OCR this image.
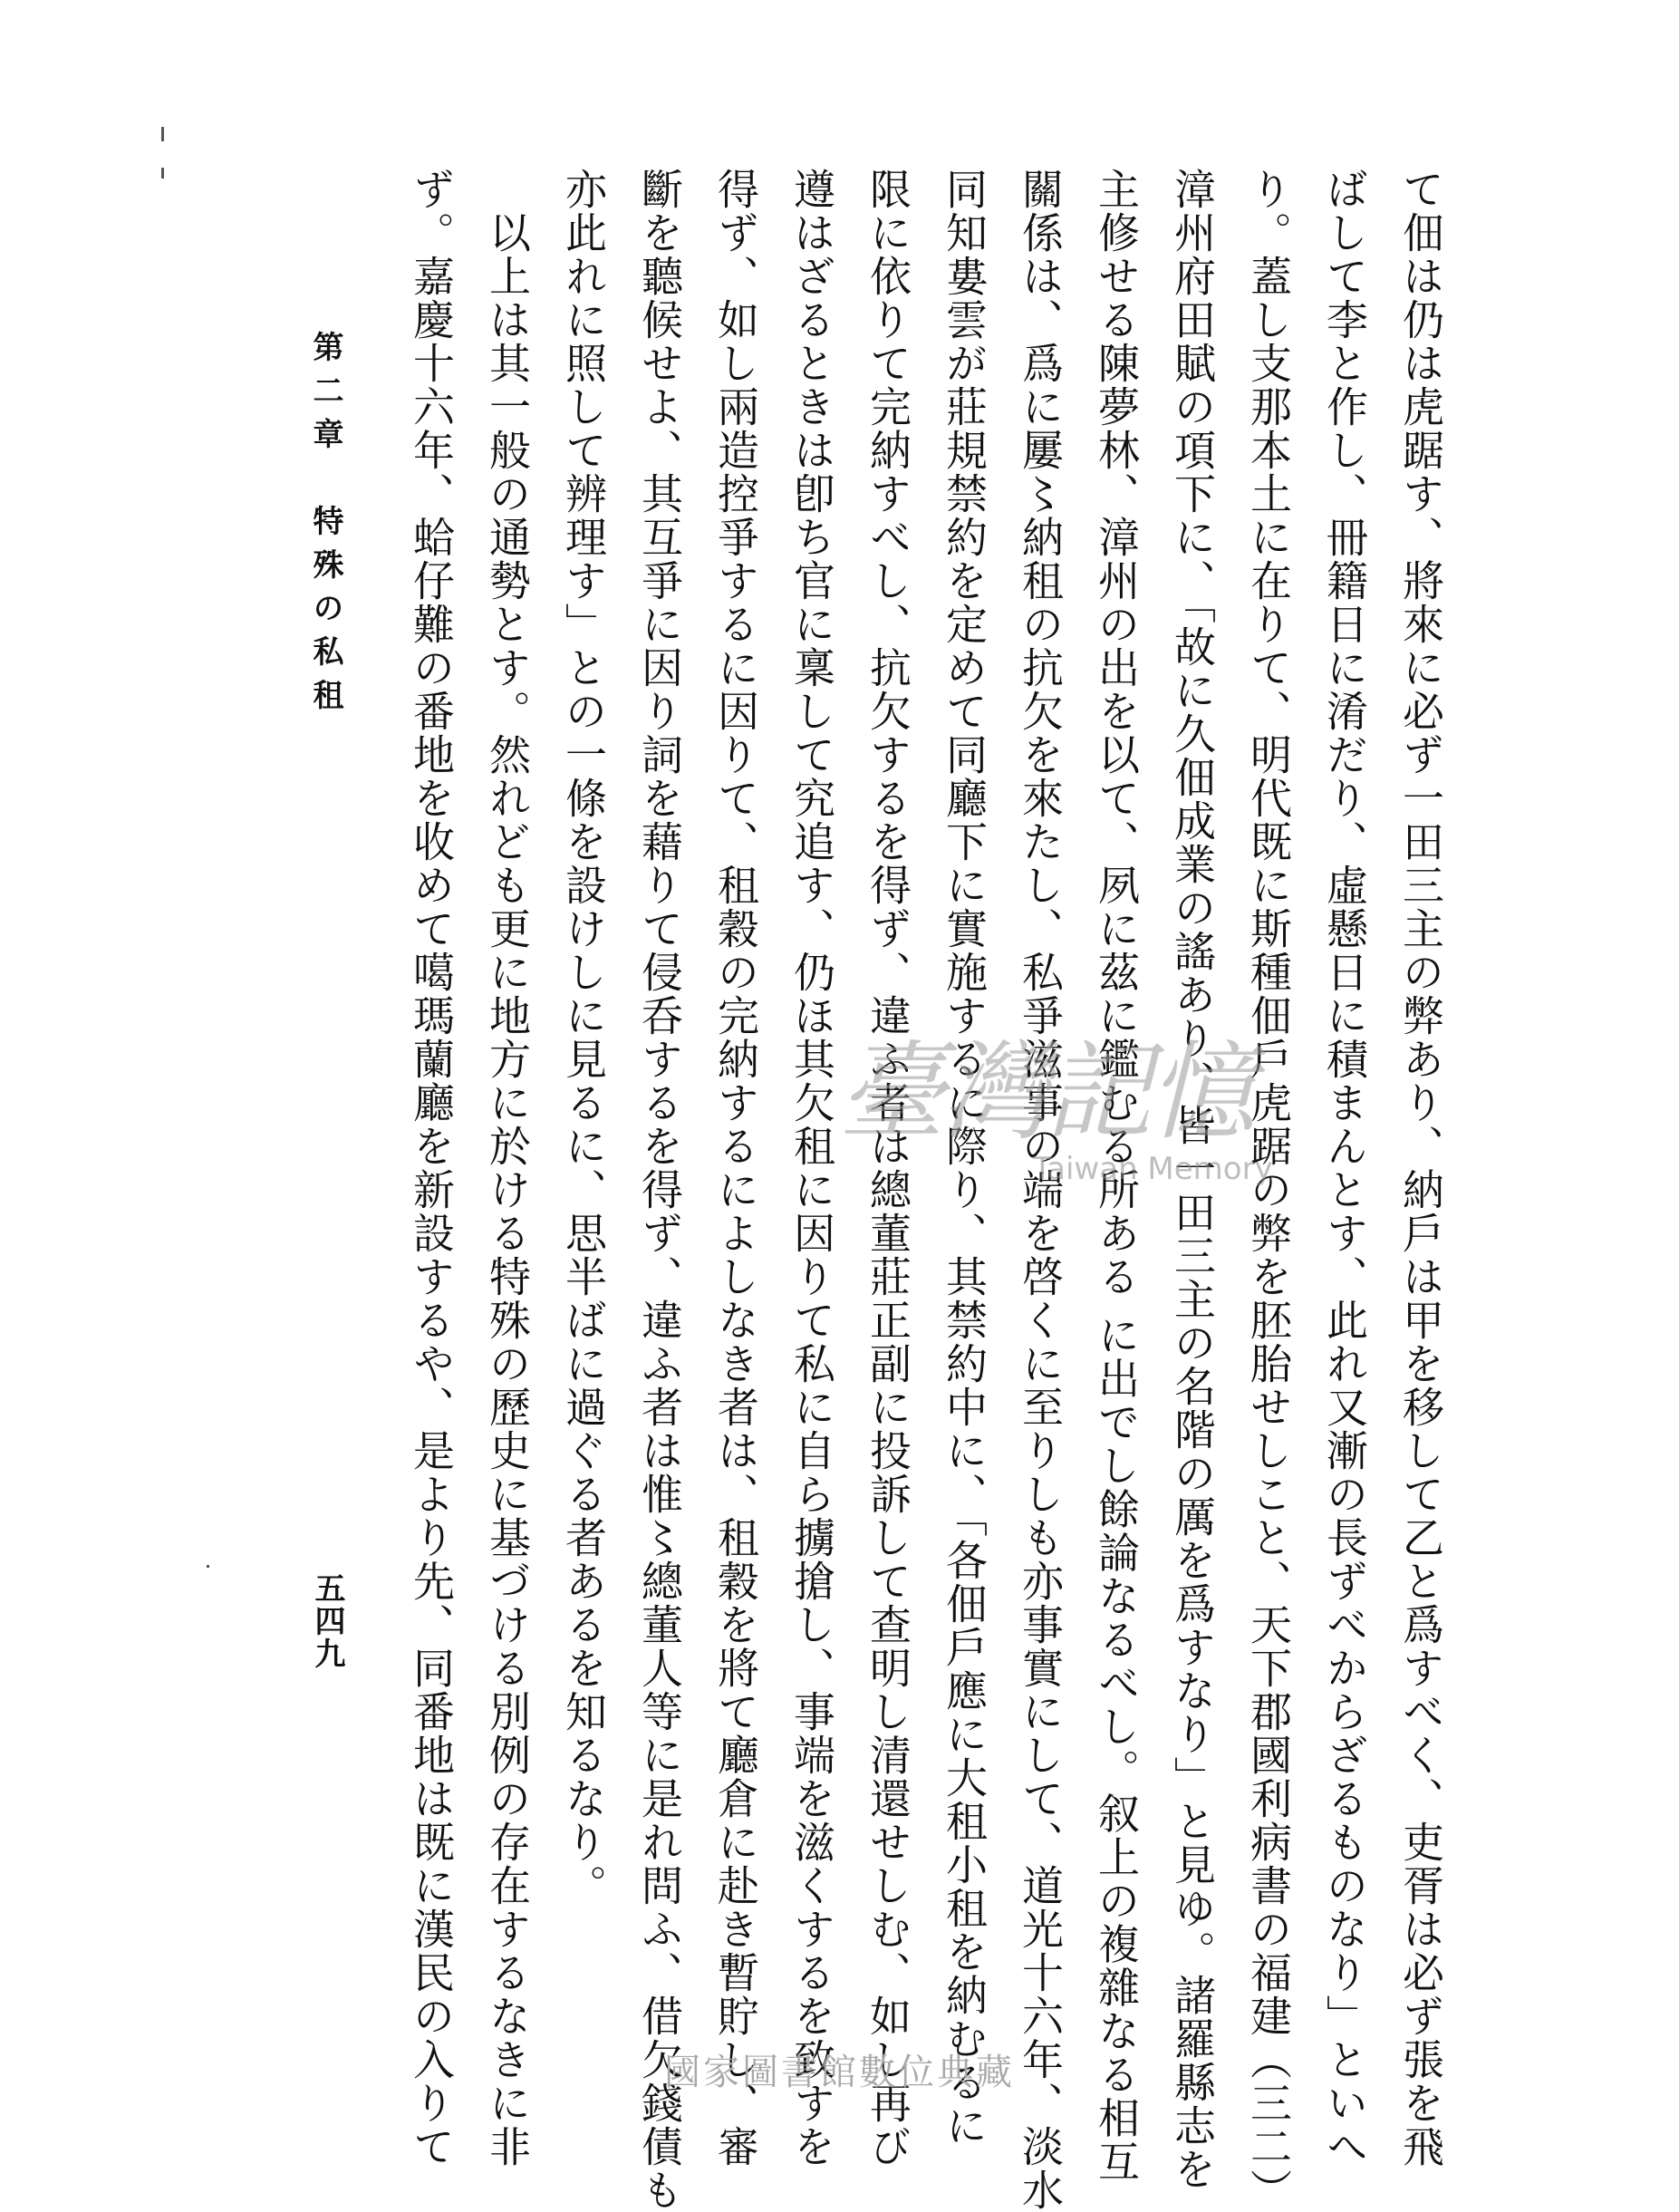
て佃は仍は虎踞す、將來に必ず一田三主の弊あり、納戶は甲を移して乙と爲すべく、吏胥は必ず張を飛
ばして李と作し、冊籍日に淆だり、虛懸日に積まんとす、此れ又漸の長ずべからざるものなり」といへ
り。蓋し支那本土に在りて、明代既に斯種佃戶虎踞の弊を胚胎せしこと、天下郡國利病書の福建（三二）
漳州府田賦の項下に、「故に久佃成業の謠あり、皆一田三主の名階の厲を爲すなり」と見ゆ。諸羅縣志を
主修せる陳夢林、漳州の出を以て、夙に茲に鑑むる所ある に出でし餘論なるべし。叙上の複雜なる相互
關係は、爲に屢〻納租の抗欠を來たし、私爭滋事の端を啓くに至りしも亦事實にして、道光十六年、淡水
同知婁雲が莊規禁約を定めて同廳下に實施するに際り、其禁約中に、「各佃戶應に大租小租を納むるに
限に依りて完納すべし、抗欠するを得ず、違ふ者は總董莊正副に投訴して查明し清還せしむ、如し再び
遵はざるときは卽ち官に稟して究追す、仍ほ其欠租に因りて私に自ら擄搶し、事端を滋くするを致すを
得ず、如し兩造控爭するに因りて、租穀の完納するによしなき者は、租穀を將て廳倉に赴き暫貯し、審
斷を聽候せよ、其互爭に因り詞を藉りて侵呑するを得ず、違ふ者は惟〻總董人等に是れ問ふ、借欠錢債も
亦此れに照して辨理す」との一條を設けしに見るに、思半ばに過ぐる者あるを知るなり。
　以上は其一般の通勢とす。然れども更に地方に於ける特殊の歷史に基づける別例の存在するなきに非
ず。嘉慶十六年、蛤仔難の番地を收めて噶瑪蘭廳を新設するや、是より先、同番地は既に漢民の入りて
第二章　特殊の私租
五四九
臺灣記憶
Taiwan Memory
國家圖書館數位典藏
